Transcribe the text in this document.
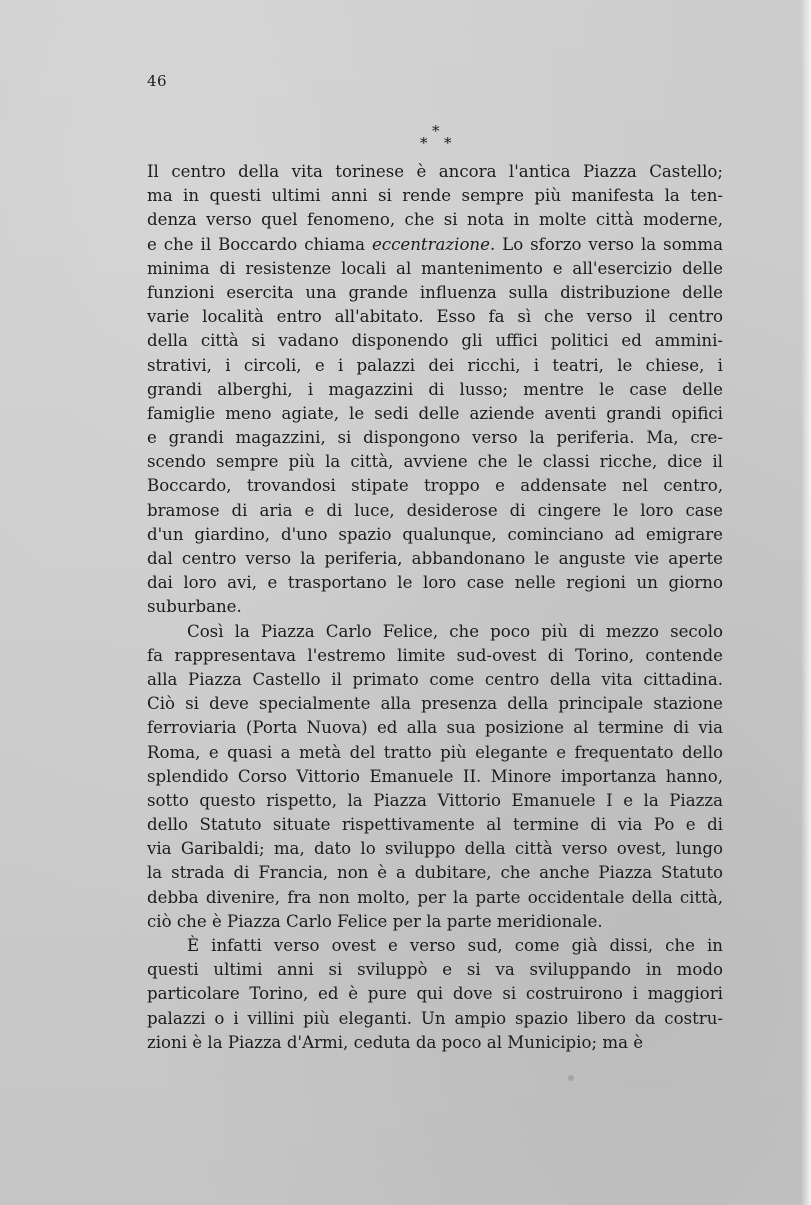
46
*
* *
Il centro della vita torinese è ancora l'antica Piazza Castello;
ma in questi ultimi anni si rende sempre più manifesta la ten-
denza verso quel fenomeno, che si nota in molte città moderne,
e che il Boccardo chiama eccentrazione. Lo sforzo verso la somma
minima di resistenze locali al mantenimento e all'esercizio delle
funzioni esercita una grande influenza sulla distribuzione delle
varie località entro all'abitato. Esso fa sì che verso il centro
della città si vadano disponendo gli uffici politici ed ammini-
strativi, i circoli, e i palazzi dei ricchi, i teatri, le chiese, i
grandi alberghi, i magazzini di lusso; mentre le case delle
famiglie meno agiate, le sedi delle aziende aventi grandi opifici
e grandi magazzini, si dispongono verso la periferia. Ma, cre-
scendo sempre più la città, avviene che le classi ricche, dice il
Boccardo, trovandosi stipate troppo e addensate nel centro,
bramose di aria e di luce, desiderose di cingere le loro case
d'un giardino, d'uno spazio qualunque, cominciano ad emigrare
dal centro verso la periferia, abbandonano le anguste vie aperte
dai loro avi, e trasportano le loro case nelle regioni un giorno
suburbane.
Così la Piazza Carlo Felice, che poco più di mezzo secolo
fa rappresentava l'estremo limite sud-ovest di Torino, contende
alla Piazza Castello il primato come centro della vita cittadina.
Ciò si deve specialmente alla presenza della principale stazione
ferroviaria (Porta Nuova) ed alla sua posizione al termine di via
Roma, e quasi a metà del tratto più elegante e frequentato dello
splendido Corso Vittorio Emanuele II. Minore importanza hanno,
sotto questo rispetto, la Piazza Vittorio Emanuele I e la Piazza
dello Statuto situate rispettivamente al termine di via Po e di
via Garibaldi; ma, dato lo sviluppo della città verso ovest, lungo
la strada di Francia, non è a dubitare, che anche Piazza Statuto
debba divenire, fra non molto, per la parte occidentale della città,
ciò che è Piazza Carlo Felice per la parte meridionale.
È infatti verso ovest e verso sud, come già dissi, che in
questi ultimi anni si sviluppò e si va sviluppando in modo
particolare Torino, ed è pure qui dove si costruirono i maggiori
palazzi o i villini più eleganti. Un ampio spazio libero da costru-
zioni è la Piazza d'Armi, ceduta da poco al Municipio; ma è
